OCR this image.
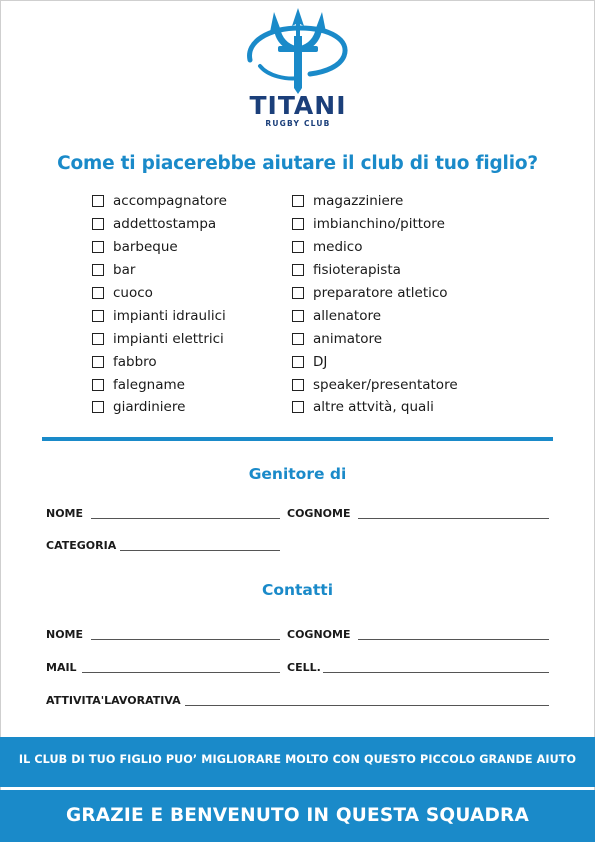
TITANI
RUGBY CLUB
Come ti piacerebbe aiutare il club di tuo figlio?
accompagnatore
addettostampa
barbeque
bar
cuoco
impianti idraulici
impianti elettrici
fabbro
falegname
giardiniere
magazziniere
imbianchino/pittore
medico
fisioterapista
preparatore atletico
allenatore
animatore
DJ
speaker/presentatore
altre attvità, quali
Genitore di
NOME	COGNOME
CATEGORIA
Contatti
NOME	COGNOME
MAIL	CELL.
ATTIVITA'LAVORATIVA
IL CLUB DI TUO FIGLIO PUO’ MIGLIORARE MOLTO CON QUESTO PICCOLO GRANDE AIUTO
GRAZIE E BENVENUTO IN QUESTA SQUADRA
